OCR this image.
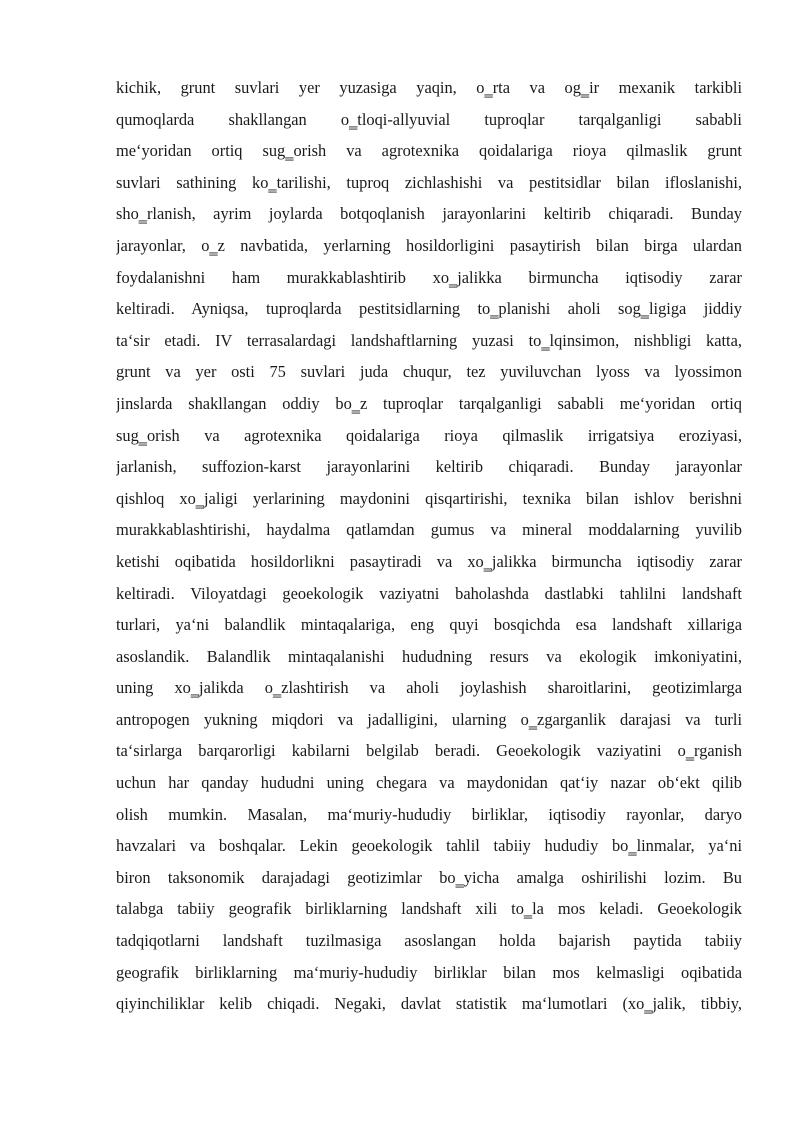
kichik, grunt suvlari yer yuzasiga yaqin, o‗rta va og‗ir mexanik tarkibli
qumoqlarda shakllangan o‗tloqi-allyuvial tuproqlar tarqalganligi sababli
me‘yoridan ortiq sug‗orish va agrotexnika qoidalariga rioya qilmaslik grunt
suvlari sathining ko‗tarilishi, tuproq zichlashishi va pestitsidlar bilan ifloslanishi,
sho‗rlanish, ayrim joylarda botqoqlanish jarayonlarini keltirib chiqaradi. Bunday
jarayonlar, o‗z navbatida, yerlarning hosildorligini pasaytirish bilan birga ulardan
foydalanishni ham murakkablashtirib xo‗jalikka birmuncha iqtisodiy zarar
keltiradi. Ayniqsa, tuproqlarda pestitsidlarning to‗planishi aholi sog‗ligiga jiddiy
ta‘sir etadi. IV terrasalardagi landshaftlarning yuzasi to‗lqinsimon, nishbligi katta,
grunt va yer osti 75 suvlari juda chuqur, tez yuviluvchan lyoss va lyossimon
jinslarda shakllangan oddiy bo‗z tuproqlar tarqalganligi sababli me‘yoridan ortiq
sug‗orish va agrotexnika qoidalariga rioya qilmaslik irrigatsiya eroziyasi,
jarlanish, suffozion-karst jarayonlarini keltirib chiqaradi. Bunday jarayonlar
qishloq xo‗jaligi yerlarining maydonini qisqartirishi, texnika bilan ishlov berishni
murakkablashtirishi, haydalma qatlamdan gumus va mineral moddalarning yuvilib
ketishi oqibatida hosildorlikni pasaytiradi va xo‗jalikka birmuncha iqtisodiy zarar
keltiradi. Viloyatdagi geoekologik vaziyatni baholashda dastlabki tahlilni landshaft
turlari, ya‘ni balandlik mintaqalariga, eng quyi bosqichda esa landshaft xillariga
asoslandik. Balandlik mintaqalanishi hududning resurs va ekologik imkoniyatini,
uning xo‗jalikda o‗zlashtirish va aholi joylashish sharoitlarini, geotizimlarga
antropogen yukning miqdori va jadalligini, ularning o‗zgarganlik darajasi va turli
ta‘sirlarga barqarorligi kabilarni belgilab beradi. Geoekologik vaziyatini o‗rganish
uchun har qanday hududni uning chegara va maydonidan qat‘iy nazar ob‘ekt qilib
olish mumkin. Masalan, ma‘muriy-hududiy birliklar, iqtisodiy rayonlar, daryo
havzalari va boshqalar. Lekin geoekologik tahlil tabiiy hududiy bo‗linmalar, ya‘ni
biron taksonomik darajadagi geotizimlar bo‗yicha amalga oshirilishi lozim. Bu
talabga tabiiy geografik birliklarning landshaft xili to‗la mos keladi. Geoekologik
tadqiqotlarni landshaft tuzilmasiga asoslangan holda bajarish paytida tabiiy
geografik birliklarning ma‘muriy-hududiy birliklar bilan mos kelmasligi oqibatida
qiyinchiliklar kelib chiqadi. Negaki, davlat statistik ma‘lumotlari (xo‗jalik, tibbiy,
